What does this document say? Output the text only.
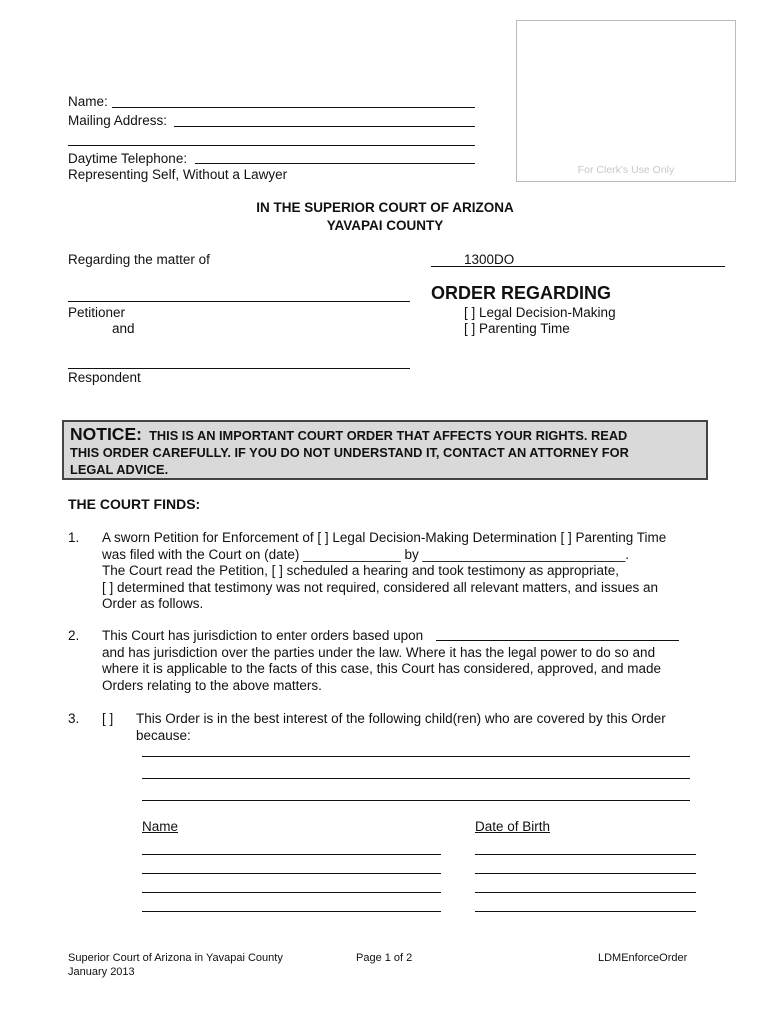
For Clerk's Use Only
Name:
Mailing Address:
Daytime Telephone:
Representing Self, Without a Lawyer
IN THE SUPERIOR COURT OF ARIZONA
YAVAPAI COUNTY
Regarding the matter of	1300DO
Petitioner
and
ORDER REGARDING
[ ] Legal Decision-Making
[ ] Parenting Time
Respondent
NOTICE: THIS IS AN IMPORTANT COURT ORDER THAT AFFECTS YOUR RIGHTS. READ
THIS ORDER CAREFULLY. IF YOU DO NOT UNDERSTAND IT, CONTACT AN ATTORNEY FOR
LEGAL ADVICE.
THE COURT FINDS:
1. A sworn Petition for Enforcement of [ ] Legal Decision-Making Determination [ ] Parenting Time
was filed with the Court on (date) _____________ by ___________________________.
The Court read the Petition, [ ] scheduled a hearing and took testimony as appropriate,
[ ] determined that testimony was not required, considered all relevant matters, and issues an
Order as follows.
2. This Court has jurisdiction to enter orders based upon
and has jurisdiction over the parties under the law. Where it has the legal power to do so and
where it is applicable to the facts of this case, this Court has considered, approved, and made
Orders relating to the above matters.
3. [ ] This Order is in the best interest of the following child(ren) who are covered by this Order
because:
Name	Date of Birth
Superior Court of Arizona in Yavapai County
January 2013
Page 1 of 2	LDMEnforceOrder
